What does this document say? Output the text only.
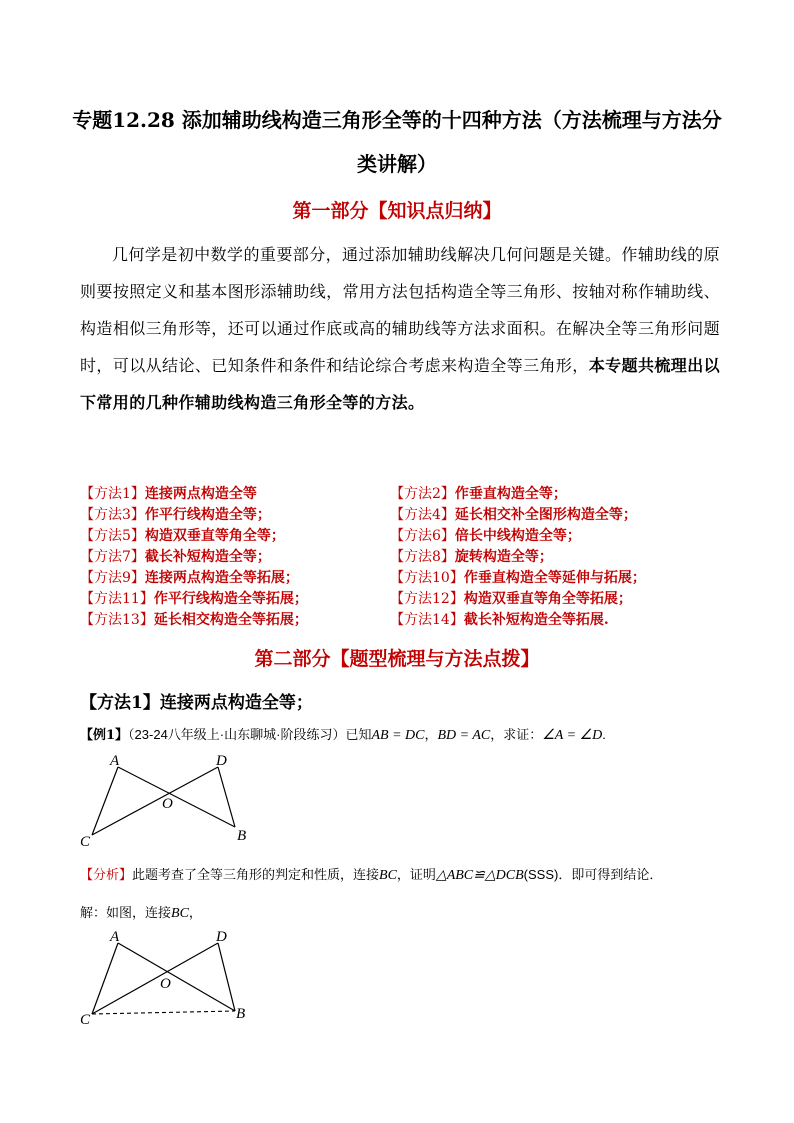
专题12.28 添加辅助线构造三角形全等的十四种方法（方法梳理与方法分类讲解）
第一部分【知识点归纳】
几何学是初中数学的重要部分，通过添加辅助线解决几何问题是关键。作辅助线的原则要按照定义和基本图形添辅助线，常用方法包括构造全等三角形、按轴对称作辅助线、构造相似三角形等，还可以通过作底或高的辅助线等方法求面积。在解决全等三角形问题时，可以从结论、已知条件和条件和结论综合考虑来构造全等三角形，本专题共梳理出以下常用的几种作辅助线构造三角形全等的方法。
【方法1】连接两点构造全等	【方法2】作垂直构造全等；
【方法3】作平行线构造全等；	【方法4】延长相交补全图形构造全等；
【方法5】构造双垂直等角全等；	【方法6】倍长中线构造全等；
【方法7】截长补短构造全等；	【方法8】旋转构造全等；
【方法9】连接两点构造全等拓展；	【方法10】作垂直构造全等延伸与拓展；
【方法11】作平行线构造全等拓展；	【方法12】构造双垂直等角全等拓展；
【方法13】延长相交构造全等拓展；	【方法14】截长补短构造全等拓展.
第二部分【题型梳理与方法点拨】
【方法1】连接两点构造全等；
【例1】（23-24八年级上·山东聊城·阶段练习）已知AB = DC，BD = AC，求证：∠A = ∠D.
A	D
O
C	B
【分析】此题考查了全等三角形的判定和性质，连接BC，证明△ABC≌△DCB(SSS)．即可得到结论．
解：如图，连接BC，
A	D
O
C	B
